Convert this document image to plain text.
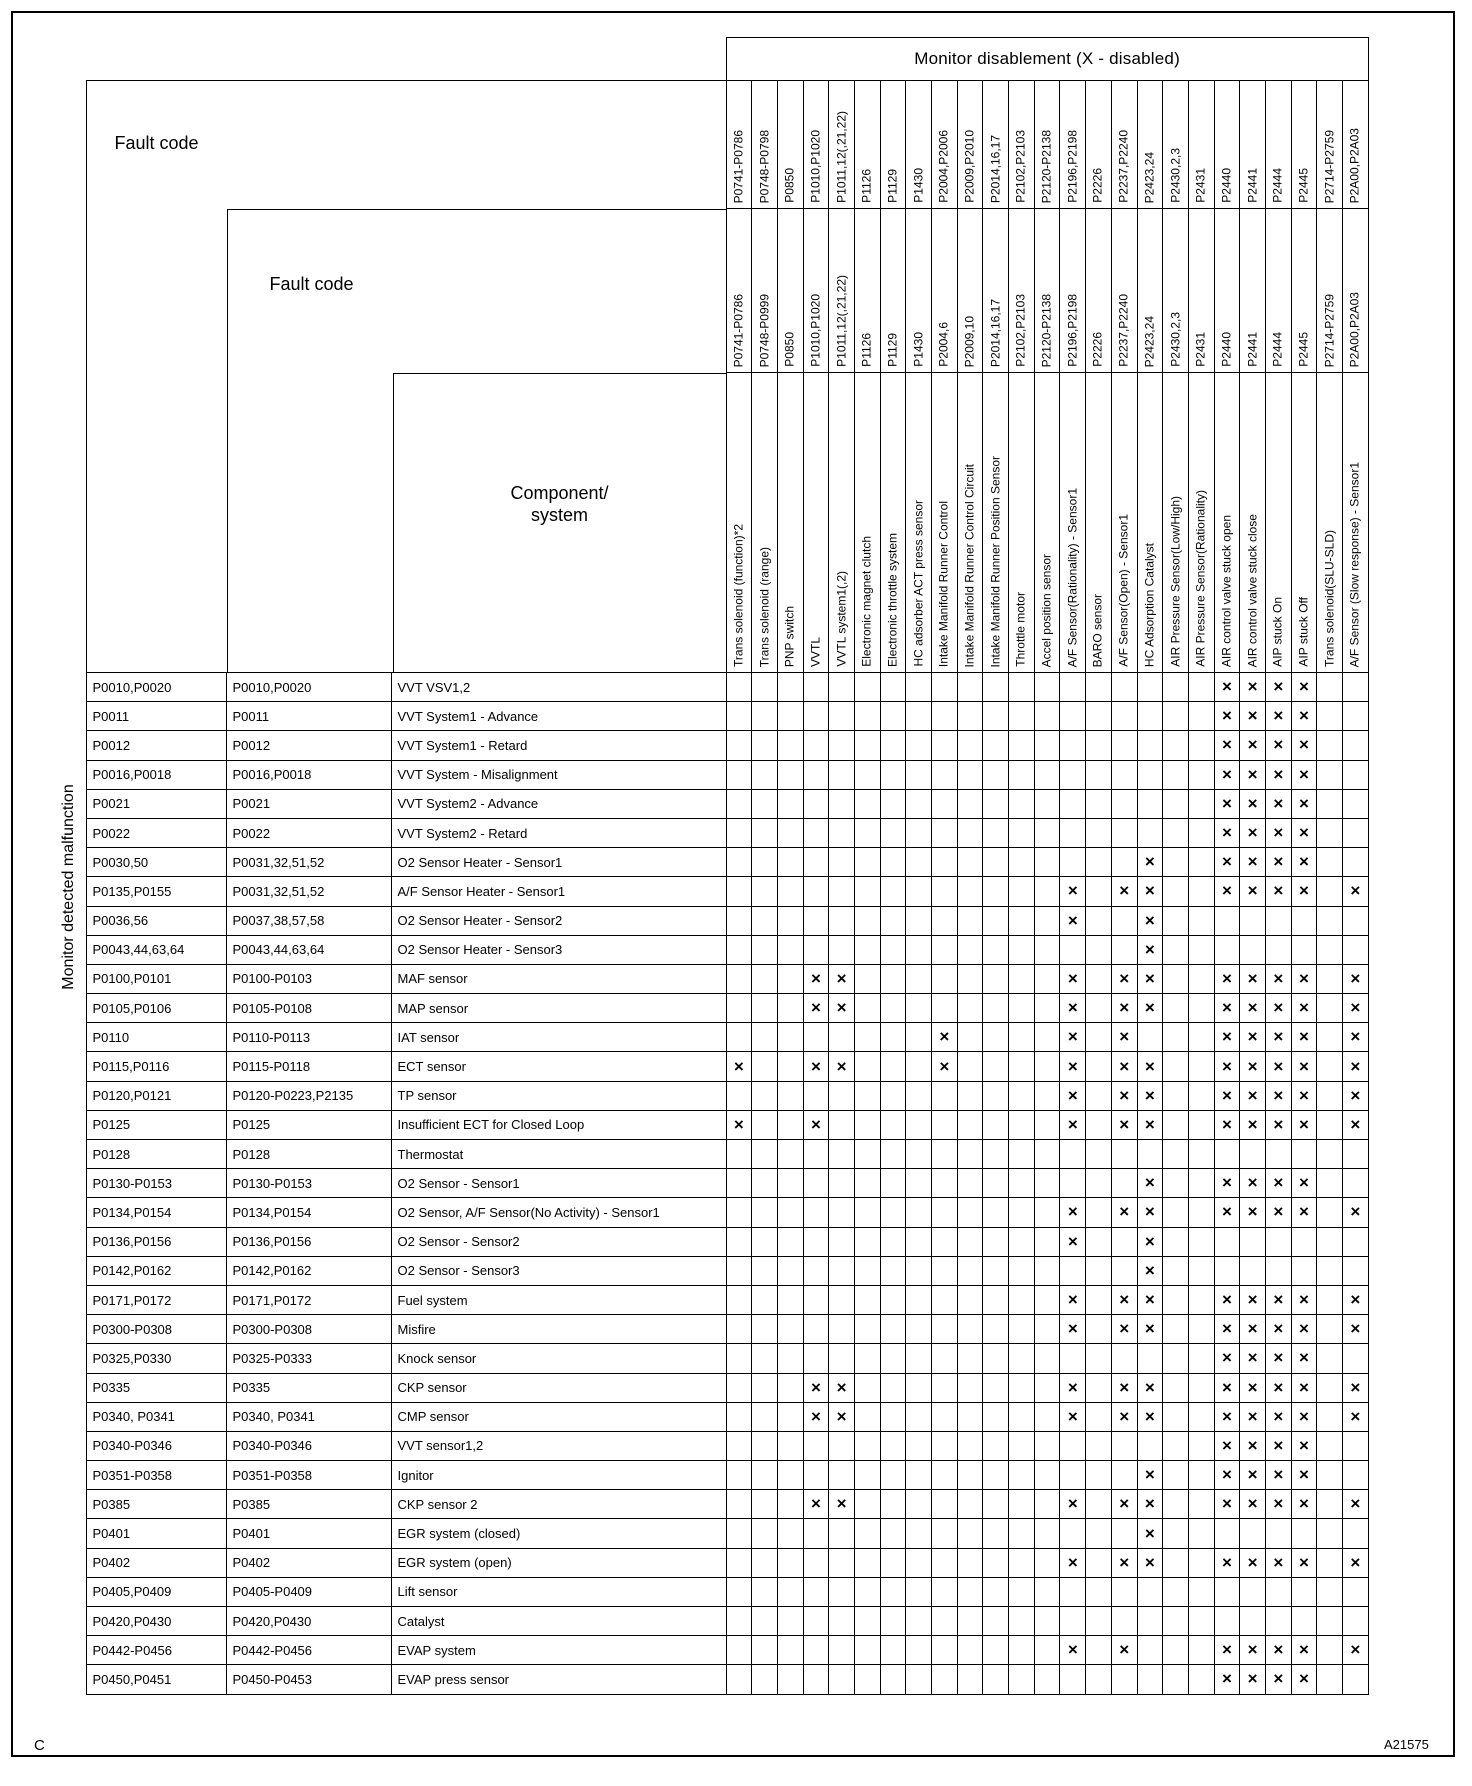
				Monitor disablement (X - disabled)																								

Monitor detected malfunction	Fault code			P0741-P0786	P0748-P0798	P0850	P1010,P1020	P1011,12(,21,22)	P1126	P1129	P1430	P2004,P2006	P2009,P2010	P2014,16,17	P2102,P2103	P2120-P2138	P2196,P2198	P2226	P2237,P2240	P2423,24	P2430,2,3	P2431	P2440	P2441	P2444	P2445	P2714-P2759	P2A00,P2A03

	Fault code			P0741-P0786	P0748-P0999	P0850	P1010,P1020	P1011,12(,21,22)	P1126	P1129	P1430	P2004,6	P2009,10	P2014,16,17	P2102,P2103	P2120-P2138	P2196,P2198	P2226	P2237,P2240	P2423,24	P2430,2,3	P2431	P2440	P2441	P2444	P2445	P2714-P2759	P2A00,P2A03

	Component/
system			Trans solenoid (function)*2	Trans solenoid (range)	PNP switch	VVTL	VVTL system1(,2)	Electronic magnet clutch	Electronic throttle system	HC adsorber ACT press sensor	Intake Manifold Runner Control	Intake Manifold Runner Control Circuit	Intake Manifold Runner Position Sensor	Throttle motor	Accel position sensor	A/F Sensor(Rationality) - Sensor1	BARO sensor	A/F Sensor(Open) - Sensor1	HC Adsorption Catalyst	AIR Pressure Sensor(Low/High)	AIR Pressure Sensor(Rationality)	AIR control valve stuck open	AIR control valve stuck close	AIP stuck On	AIP stuck Off	Trans solenoid(SLU-SLD)	A/F Sensor (Slow response) - Sensor1

	P0010,P0020	P0010,P0020	VVT VSV1,2																				×	×	×	×		
	P0011	P0011	VVT System1 - Advance																				×	×	×	×		
	P0012	P0012	VVT System1 - Retard																				×	×	×	×		
	P0016,P0018	P0016,P0018	VVT System - Misalignment																				×	×	×	×		
	P0021	P0021	VVT System2 - Advance																				×	×	×	×		
	P0022	P0022	VVT System2 - Retard																				×	×	×	×		
	P0030,50	P0031,32,51,52	O2 Sensor Heater - Sensor1																	×			×	×	×	×		
	P0135,P0155	P0031,32,51,52	A/F Sensor Heater - Sensor1														×		×	×			×	×	×	×		×
	P0036,56	P0037,38,57,58	O2 Sensor Heater - Sensor2														×			×								
	P0043,44,63,64	P0043,44,63,64	O2 Sensor Heater - Sensor3																	×								
	P0100,P0101	P0100-P0103	MAF sensor				×	×									×		×	×			×	×	×	×		×
	P0105,P0106	P0105-P0108	MAP sensor				×	×									×		×	×			×	×	×	×		×
	P0110	P0110-P0113	IAT sensor									×					×		×				×	×	×	×		×
	P0115,P0116	P0115-P0118	ECT sensor	×			×	×				×					×		×	×			×	×	×	×		×
	P0120,P0121	P0120-P0223,P2135	TP sensor														×		×	×			×	×	×	×		×
	P0125	P0125	Insufficient ECT for Closed Loop	×			×										×		×	×			×	×	×	×		×
	P0128	P0128	Thermostat																									
	P0130-P0153	P0130-P0153	O2 Sensor - Sensor1																	×			×	×	×	×		
	P0134,P0154	P0134,P0154	O2 Sensor, A/F Sensor(No Activity) - Sensor1														×		×	×			×	×	×	×		×
	P0136,P0156	P0136,P0156	O2 Sensor - Sensor2														×			×								
	P0142,P0162	P0142,P0162	O2 Sensor - Sensor3																	×								
	P0171,P0172	P0171,P0172	Fuel system														×		×	×			×	×	×	×		×
	P0300-P0308	P0300-P0308	Misfire														×		×	×			×	×	×	×		×
	P0325,P0330	P0325-P0333	Knock sensor																				×	×	×	×		
	P0335	P0335	CKP sensor				×	×									×		×	×			×	×	×	×		×
	P0340, P0341	P0340, P0341	CMP sensor				×	×									×		×	×			×	×	×	×		×
	P0340-P0346	P0340-P0346	VVT sensor1,2																				×	×	×	×		
	P0351-P0358	P0351-P0358	Ignitor																	×			×	×	×	×		
	P0385	P0385	CKP sensor 2				×	×									×		×	×			×	×	×	×		×
	P0401	P0401	EGR system (closed)																	×								
	P0402	P0402	EGR system (open)														×		×	×			×	×	×	×		×
	P0405,P0409	P0405-P0409	Lift sensor																									
	P0420,P0430	P0420,P0430	Catalyst																									
	P0442-P0456	P0442-P0456	EVAP system														×		×				×	×	×	×		×
	P0450,P0451	P0450-P0453	EVAP press sensor																				×	×	×	×		
C	A21575
